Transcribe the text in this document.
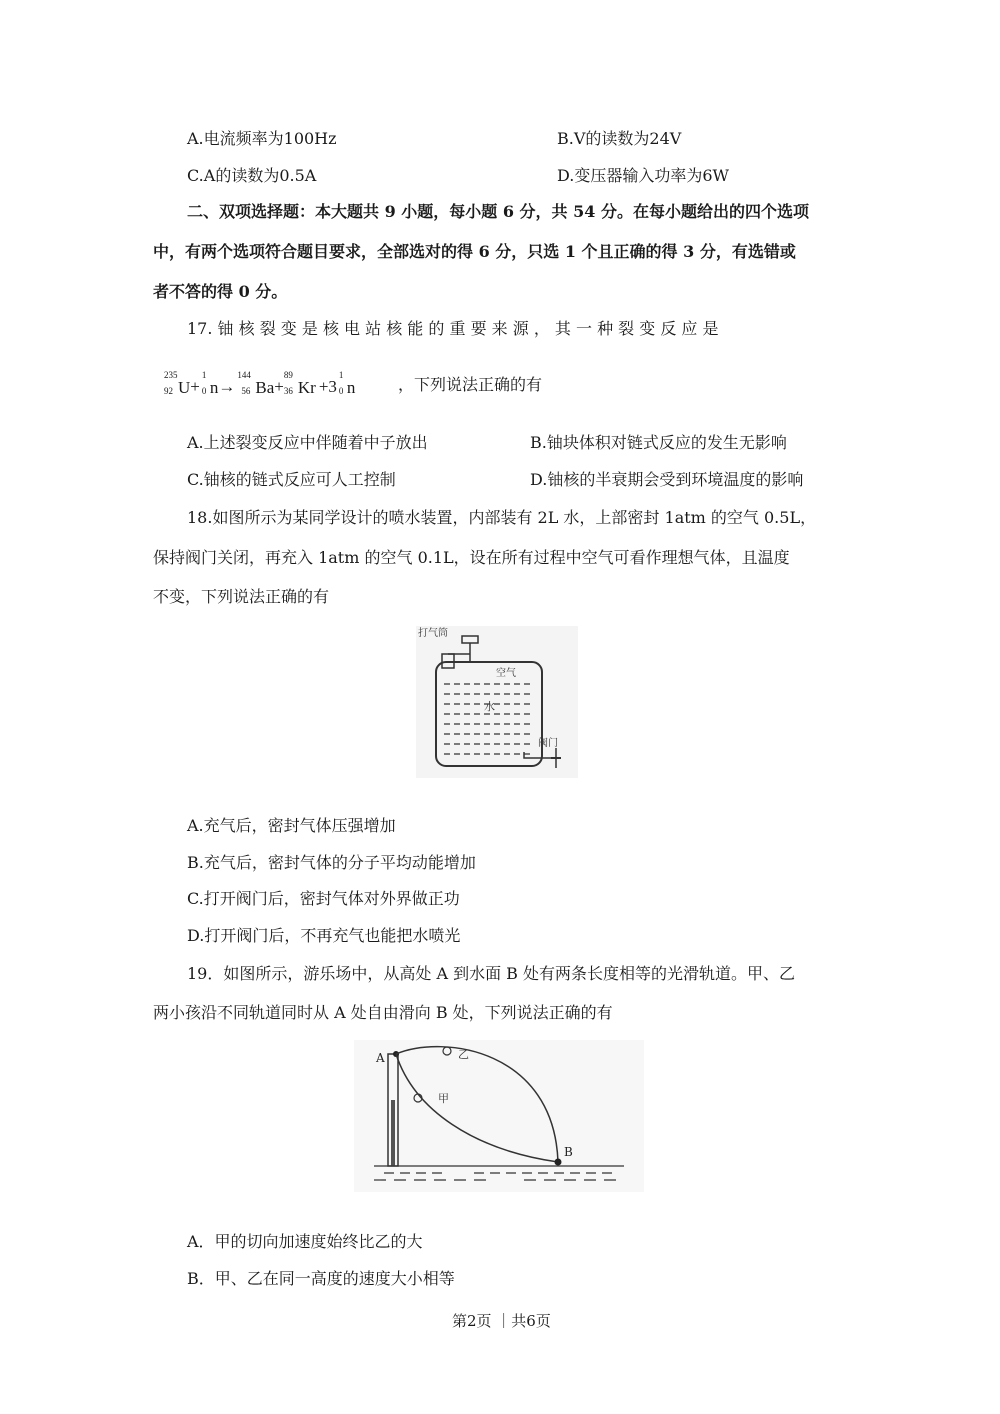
A.电流频率为100Hz	B.V的读数为24V
C.A的读数为0.5A	D.变压器输入功率为6W
二、双项选择题：本大题共 9 小题，每小题 6 分，共 54 分。在每小题给出的四个选项
中，有两个选项符合题目要求，全部选对的得 6 分，只选 1 个且正确的得 3 分，有选错或
者不答的得 0 分。
17. 铀 核 裂 变 是 核 电 站 核 能 的 重 要 来 源 ， 其 一 种 裂 变 反 应 是
235
92 U+
1
0 n→
144
56 Ba+
89
36 Kr +3
1
0 n	，下列说法正确的有
A.上述裂变反应中伴随着中子放出	B.铀块体积对链式反应的发生无影响
C.铀核的链式反应可人工控制	D.铀核的半衰期会受到环境温度的影响
18.如图所示为某同学设计的喷水装置，内部装有 2L 水，上部密封 1atm 的空气 0.5L，
保持阀门关闭，再充入 1atm 的空气 0.1L，设在所有过程中空气可看作理想气体，且温度
不变，下列说法正确的有
打气筒
空气
水
阀门
A.充气后，密封气体压强增加
B.充气后，密封气体的分子平均动能增加
C.打开阀门后，密封气体对外界做正功
D.打开阀门后，不再充气也能把水喷光
19．如图所示，游乐场中，从高处 A 到水面 B 处有两条长度相等的光滑轨道。甲、乙
两小孩沿不同轨道同时从 A 处自由滑向 B 处，下列说法正确的有
A
B
甲
乙
A．甲的切向加速度始终比乙的大
B．甲、乙在同一高度的速度大小相等
第2页 ｜共6页
